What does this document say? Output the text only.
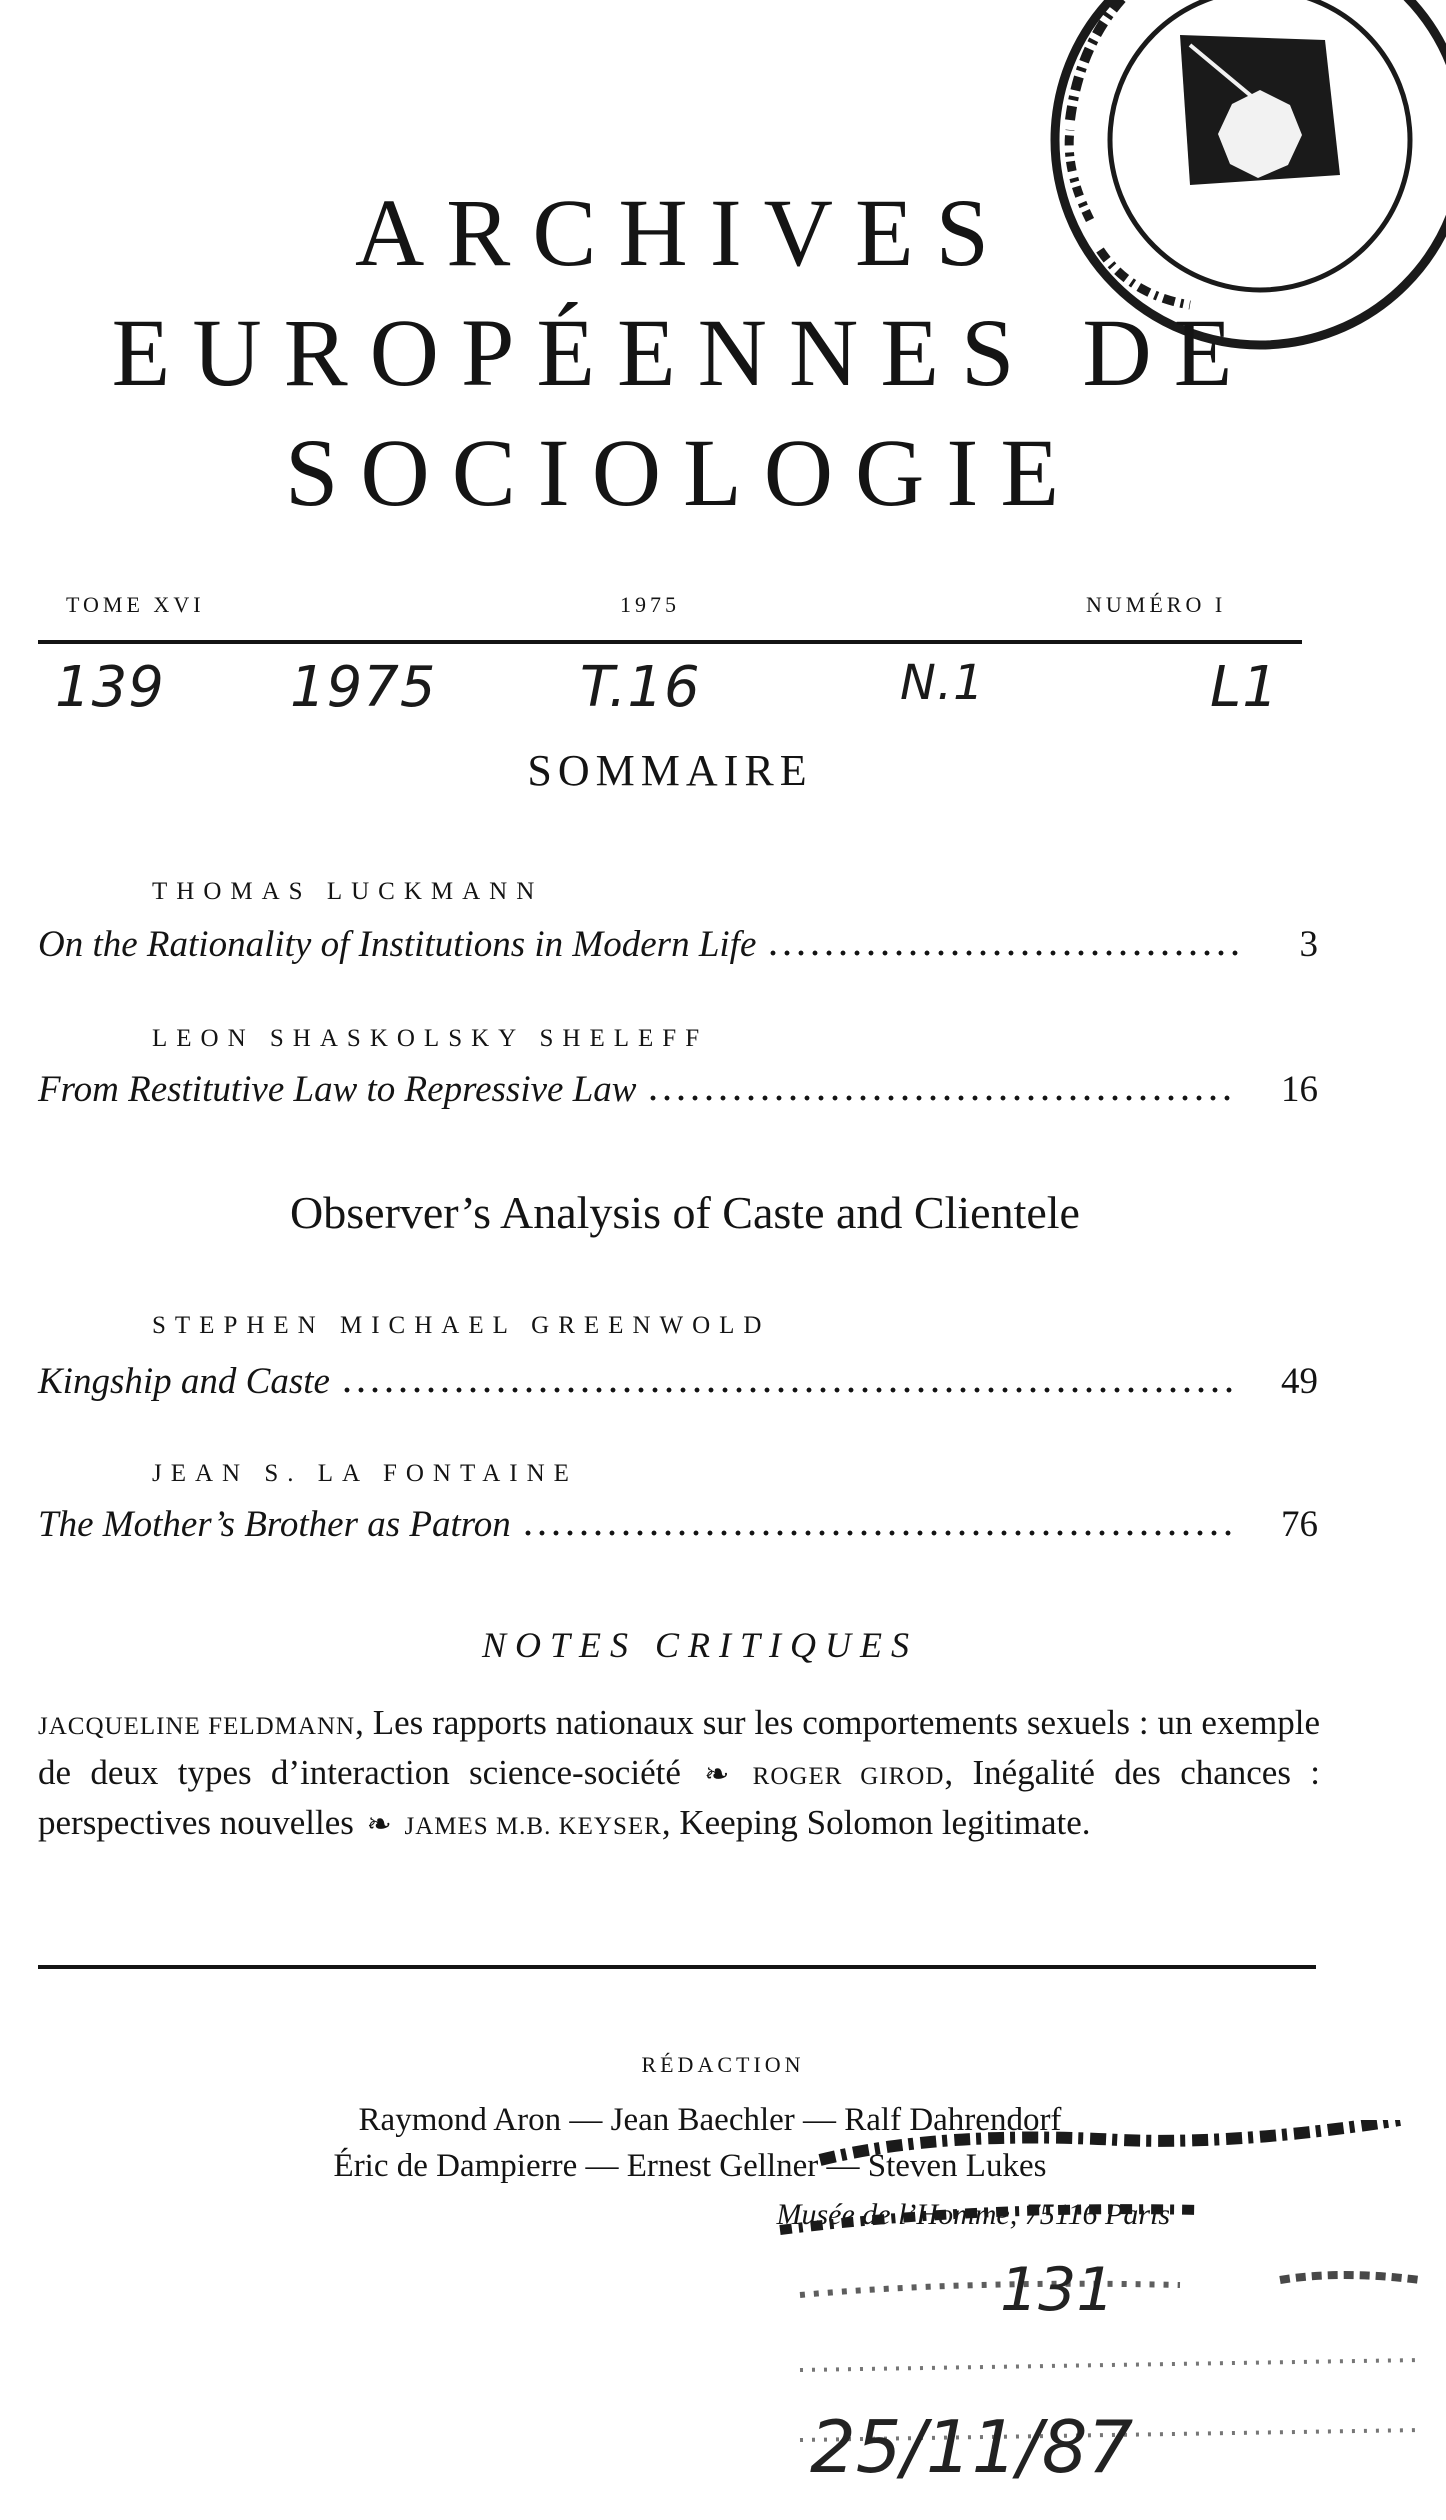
ARCHIVES
EUROPÉENNES DE
SOCIOLOGIE
TOME XVI	1975	NUMÉRO I
139 1975	T.16	N.1	L1
SOMMAIRE
THOMAS LUCKMANN
On the Rationality of Institutions in Modern Life	3
LEON SHASKOLSKY SHELEFF
From Restitutive Law to Repressive Law	16
Observer’s Analysis of Caste and Clientele
STEPHEN MICHAEL GREENWOLD
Kingship and Caste	49
JEAN S. LA FONTAINE
The Mother’s Brother as Patron	76
NOTES CRITIQUES
JACQUELINE FELDMANN, Les rapports nationaux sur les comportements sexuels : un exemple de deux types d’interaction science-société ❧ ROGER GIROD, Inégalité des chances : perspectives nouvelles ❧ JAMES M.B. KEYSER, Keeping Solomon legitimate.
RÉDACTION
Raymond Aron — Jean Baechler — Ralf Dahrendorf
Éric de Dampierre — Ernest Gellner — Steven Lukes
Musée de l’Homme, 75116 Paris
131
25/11/87
